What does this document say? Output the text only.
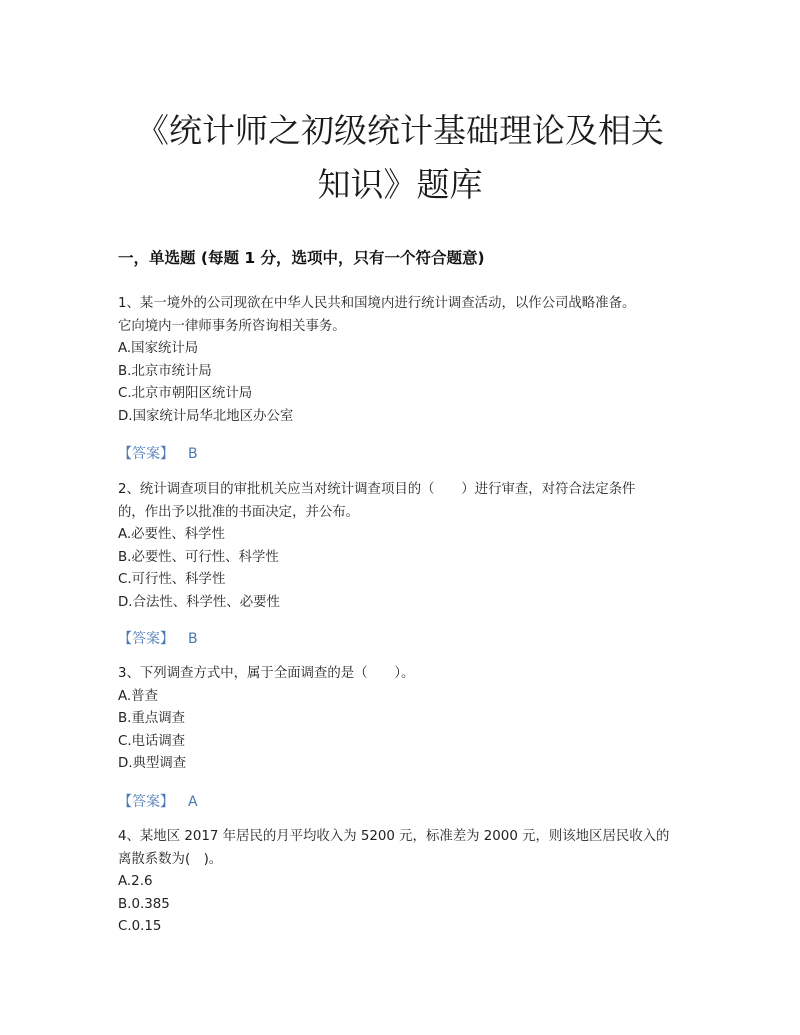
《统计师之初级统计基础理论及相关
知识》题库
一，单选题 (每题 1 分，选项中，只有一个符合题意)

1、某一境外的公司现欲在中华人民共和国境内进行统计调查活动，以作公司战略准备。

它向境内一律师事务所咨询相关事务。

A.国家统计局

B.北京市统计局

C.北京市朝阳区统计局

D.国家统计局华北地区办公室

【答案】 B

2、统计调查项目的审批机关应当对统计调查项目的（　　）进行审查，对符合法定条件

的，作出予以批准的书面决定，并公布。

A.必要性、科学性

B.必要性、可行性、科学性

C.可行性、科学性

D.合法性、科学性、必要性

【答案】 B

3、下列调查方式中，属于全面调查的是（　　）。

A.普查

B.重点调查

C.电话调查

D.典型调查

【答案】 A

4、某地区 2017 年居民的月平均收入为 5200 元，标准差为 2000 元，则该地区居民收入的

离散系数为(　)。

A.2.6

B.0.385

C.0.15
